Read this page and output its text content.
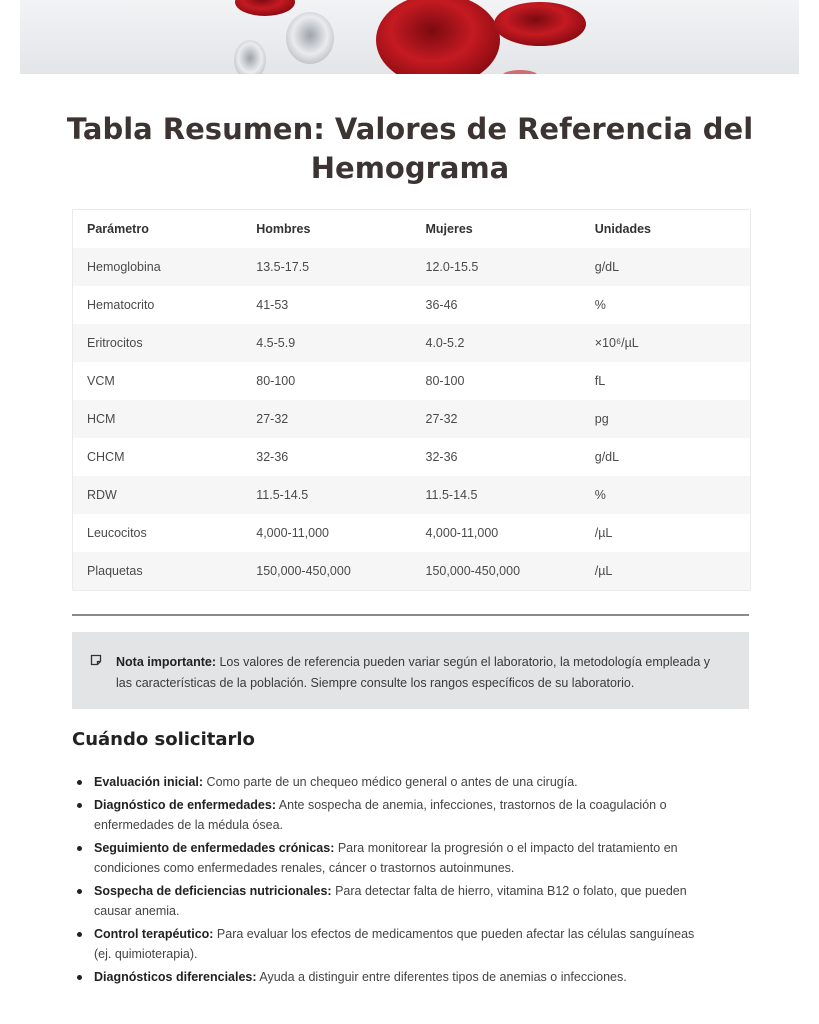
Tabla Resumen: Valores de Referencia del Hemograma
Parámetro	Hombres	Mujeres	Unidades
Hemoglobina	13.5-17.5	12.0-15.5	g/dL
Hematocrito	41-53	36-46	%
Eritrocitos	4.5-5.9	4.0-5.2	×10⁶/µL
VCM	80-100	80-100	fL
HCM	27-32	27-32	pg
CHCM	32-36	32-36	g/dL
RDW	11.5-14.5	11.5-14.5	%
Leucocitos	4,000-11,000	4,000-11,000	/µL
Plaquetas	150,000-450,000	150,000-450,000	/µL
Nota importante: Los valores de referencia pueden variar según el laboratorio, la metodología empleada y las características de la población. Siempre consulte los rangos específicos de su laboratorio.
Cuándo solicitarlo
Evaluación inicial: Como parte de un chequeo médico general o antes de una cirugía.
Diagnóstico de enfermedades: Ante sospecha de anemia, infecciones, trastornos de la coagulación o enfermedades de la médula ósea.
Seguimiento de enfermedades crónicas: Para monitorear la progresión o el impacto del tratamiento en condiciones como enfermedades renales, cáncer o trastornos autoinmunes.
Sospecha de deficiencias nutricionales: Para detectar falta de hierro, vitamina B12 o folato, que pueden causar anemia.
Control terapéutico: Para evaluar los efectos de medicamentos que pueden afectar las células sanguíneas (ej. quimioterapia).
Diagnósticos diferenciales: Ayuda a distinguir entre diferentes tipos de anemias o infecciones.
